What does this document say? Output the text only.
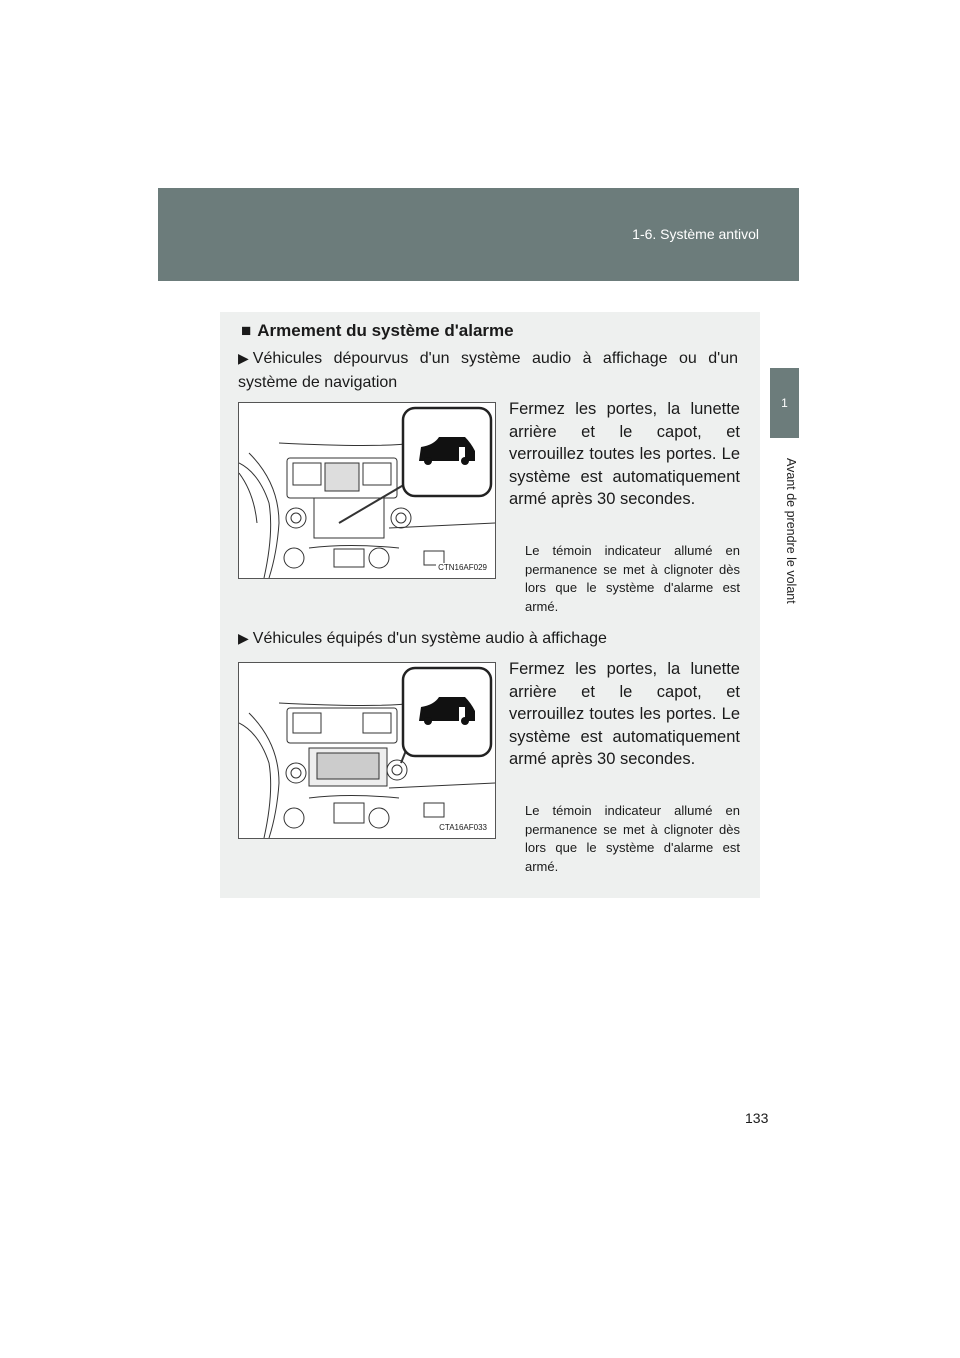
1-6. Système antivol
1
Avant de prendre le volant
■ Armement du système d'alarme
▶ Véhicules dépourvus d'un système audio à affichage ou d'un système de navigation
CTN16AF029
Fermez les portes, la lunette arrière et le capot, et verrouillez toutes les portes. Le système est automatiquement armé après 30 secondes.
Le témoin indicateur allumé en permanence se met à clignoter dès lors que le système d'alarme est armé.
▶ Véhicules équipés d'un système audio à affichage
CTA16AF033
Fermez les portes, la lunette arrière et le capot, et verrouillez toutes les portes. Le système est automatiquement armé après 30 secondes.
Le témoin indicateur allumé en permanence se met à clignoter dès lors que le système d'alarme est armé.
133
